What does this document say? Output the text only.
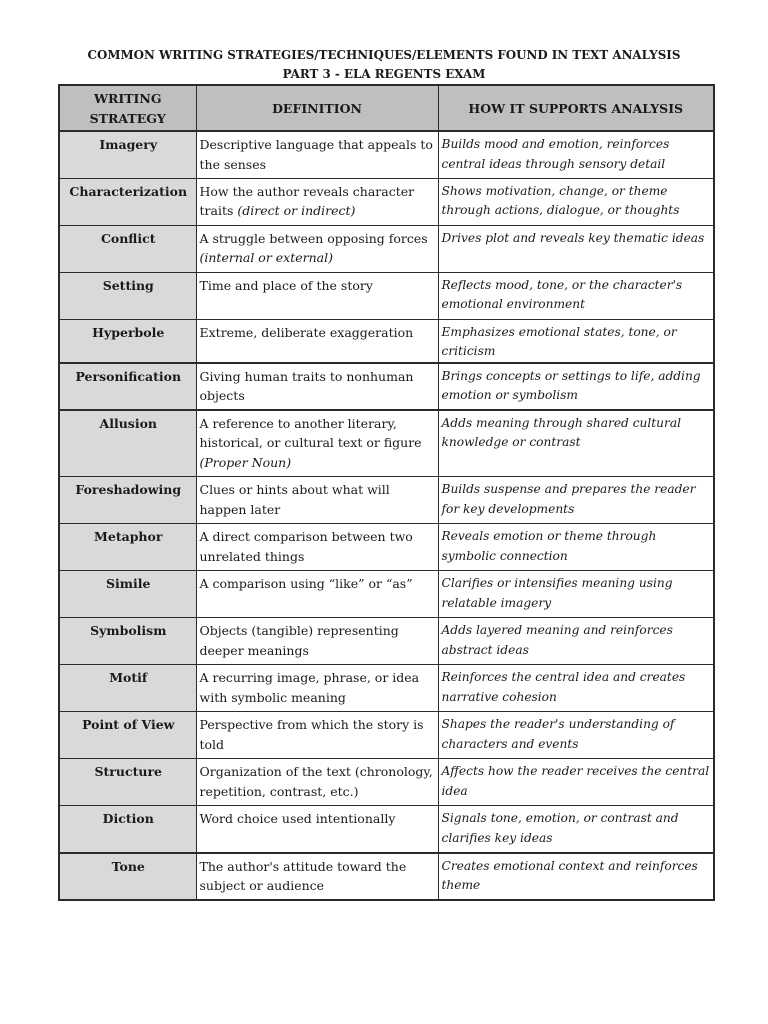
COMMON WRITING STRATEGIES/TECHNIQUES/ELEMENTS FOUND IN TEXT ANALYSIS
PART 3 - ELA REGENTS EXAM
WRITING STRATEGY	DEFINITION	HOW IT SUPPORTS ANALYSIS
Imagery	Descriptive language that appeals to the senses	Builds mood and emotion, reinforces central ideas through sensory detail
Characterization	How the author reveals character traits (direct or indirect)	Shows motivation, change, or theme through actions, dialogue, or thoughts
Conflict	A struggle between opposing forces (internal or external)	Drives plot and reveals key thematic ideas
Setting	Time and place of the story	Reflects mood, tone, or the character's emotional environment
Hyperbole	Extreme, deliberate exaggeration	Emphasizes emotional states, tone, or criticism
Personification	Giving human traits to nonhuman objects	Brings concepts or settings to life, adding emotion or symbolism
Allusion	A reference to another literary, historical, or cultural text or figure (Proper Noun)	Adds meaning through shared cultural knowledge or contrast
Foreshadowing	Clues or hints about what will happen later	Builds suspense and prepares the reader for key developments
Metaphor	A direct comparison between two unrelated things	Reveals emotion or theme through symbolic connection
Simile	A comparison using “like” or “as”	Clarifies or intensifies meaning using relatable imagery
Symbolism	Objects (tangible) representing deeper meanings	Adds layered meaning and reinforces abstract ideas
Motif	A recurring image, phrase, or idea with symbolic meaning	Reinforces the central idea and creates narrative cohesion
Point of View	Perspective from which the story is told	Shapes the reader's understanding of characters and events
Structure	Organization of the text (chronology, repetition, contrast, etc.)	Affects how the reader receives the central idea
Diction	Word choice used intentionally	Signals tone, emotion, or contrast and clarifies key ideas
Tone	The author's attitude toward the subject or audience	Creates emotional context and reinforces theme
